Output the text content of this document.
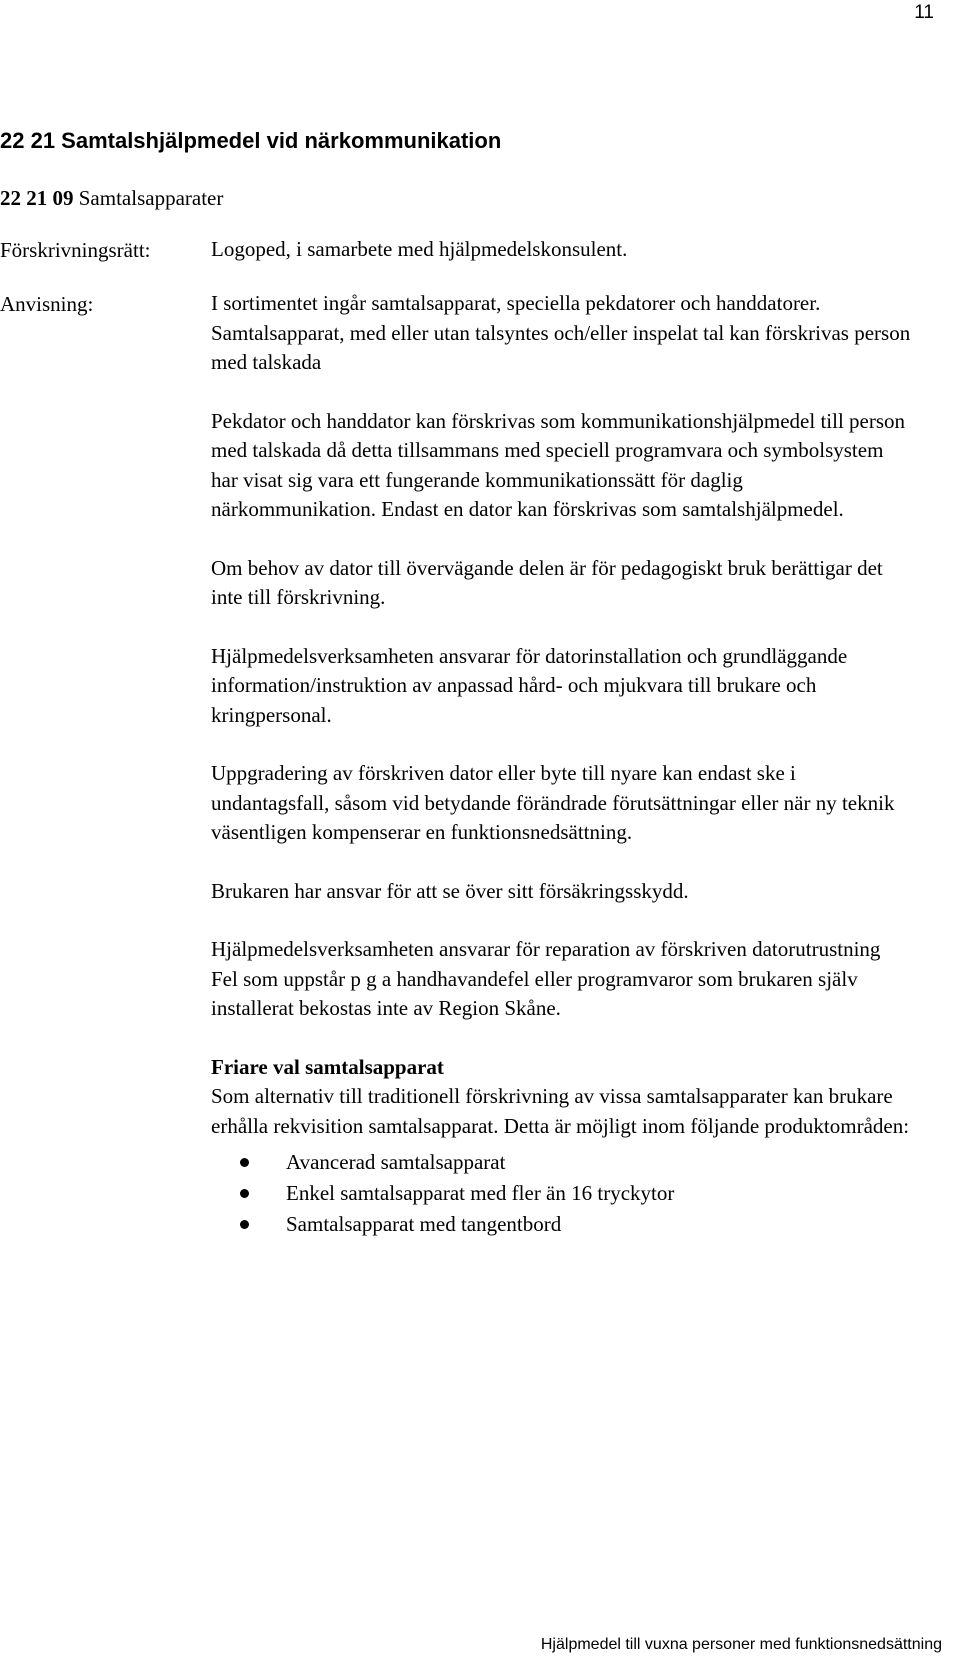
11
22 21 Samtalshjälpmedel vid närkommunikation
22 21 09 Samtalsapparater
Förskrivningsrätt:	Logoped, i samarbete med hjälpmedelskonsulent.

Anvisning:	I sortimentet ingår samtalsapparat, speciella pekdatorer och handdatorer. Samtalsapparat, med eller utan talsyntes och/eller inspelat tal kan förskrivas person med talskada

Pekdator och handdator kan förskrivas som kommunikationshjälpmedel till person med talskada då detta tillsammans med speciell programvara och symbolsystem har visat sig vara ett fungerande kommunikationssätt för daglig närkommunikation. Endast en dator kan förskrivas som samtalshjälpmedel.

Om behov av dator till övervägande delen är för pedagogiskt bruk berättigar det inte till förskrivning.

Hjälpmedelsverksamheten ansvarar för datorinstallation och grundläggande information/instruktion av anpassad hård- och mjukvara till brukare och kringpersonal.

Uppgradering av förskriven dator eller byte till nyare kan endast ske i undantagsfall, såsom vid betydande förändrade förutsättningar eller när ny teknik väsentligen kompenserar en funktionsnedsättning.

Brukaren har ansvar för att se över sitt försäkringsskydd.

Hjälpmedelsverksamheten ansvarar för reparation av förskriven datorutrustning Fel som uppstår p g a handhavandefel eller programvaror som brukaren själv installerat bekostas inte av Region Skåne.

Friare val samtalsapparat

Som alternativ till traditionell förskrivning av vissa samtalsapparater kan brukare erhålla rekvisition samtalsapparat. Detta är möjligt inom följande produktområden:

Avancerad samtalsapparat
Enkel samtalsapparat med fler än 16 tryckytor
Samtalsapparat med tangentbord
Hjälpmedel till vuxna personer med funktionsnedsättning
